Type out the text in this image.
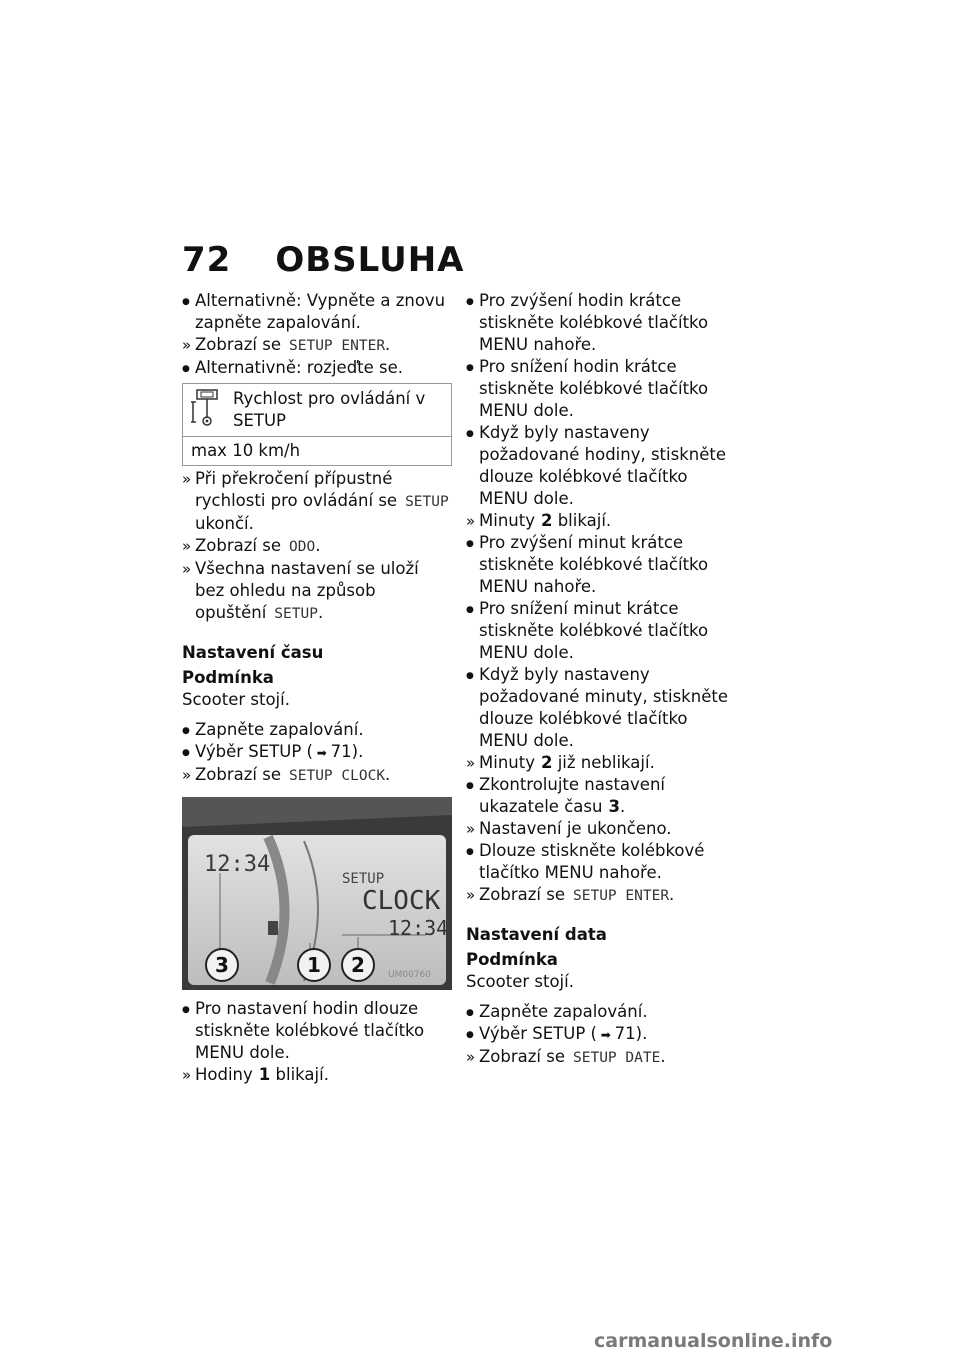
72 OBSLUHA

●
Alternativně: Vypněte a znovu zapněte zapalování.

»
Zobrazí se SETUP ENTER.

●
Alternativně: rozjeďte se.

Rychlost pro ovládání v SETUP
max 10 km/h

»
Při překročení přípustné rychlosti pro ovládání se SETUP ukončí.

»
Zobrazí se ODO.

»
Všechna nastavení se uloží bez ohledu na způsob opuštění SETUP.

Nastavení času
Podmínka

Scooter stojí.

●
Zapněte zapalování.

●
Výběr SETUP ( ➡ 71).

»
Zobrazí se SETUP CLOCK.

12:34
SETUP
CLOCK
12:34
UM00760
3	1 2

●
Pro nastavení hodin dlouze stiskněte kolébkové tlačítko MENU dole.

»
Hodiny 1 blikají.

●
Pro zvýšení hodin krátce stiskněte kolébkové tlačítko MENU nahoře.

●
Pro snížení hodin krátce stiskněte kolébkové tlačítko MENU dole.

●
Když byly nastaveny požadované hodiny, stiskněte dlouze kolébkové tlačítko MENU dole.

»
Minuty 2 blikají.

●
Pro zvýšení minut krátce stiskněte kolébkové tlačítko MENU nahoře.

●
Pro snížení minut krátce stiskněte kolébkové tlačítko MENU dole.

●
Když byly nastaveny požadované minuty, stiskněte dlouze kolébkové tlačítko MENU dole.

»
Minuty 2 již neblikají.

●
Zkontrolujte nastavení ukazatele času 3.

»
Nastavení je ukončeno.

●
Dlouze stiskněte kolébkové tlačítko MENU nahoře.

»
Zobrazí se SETUP ENTER.

Nastavení data
Podmínka

Scooter stojí.

●
Zapněte zapalování.

●
Výběr SETUP ( ➡ 71).

»
Zobrazí se SETUP DATE.

carmanualsonline.info
